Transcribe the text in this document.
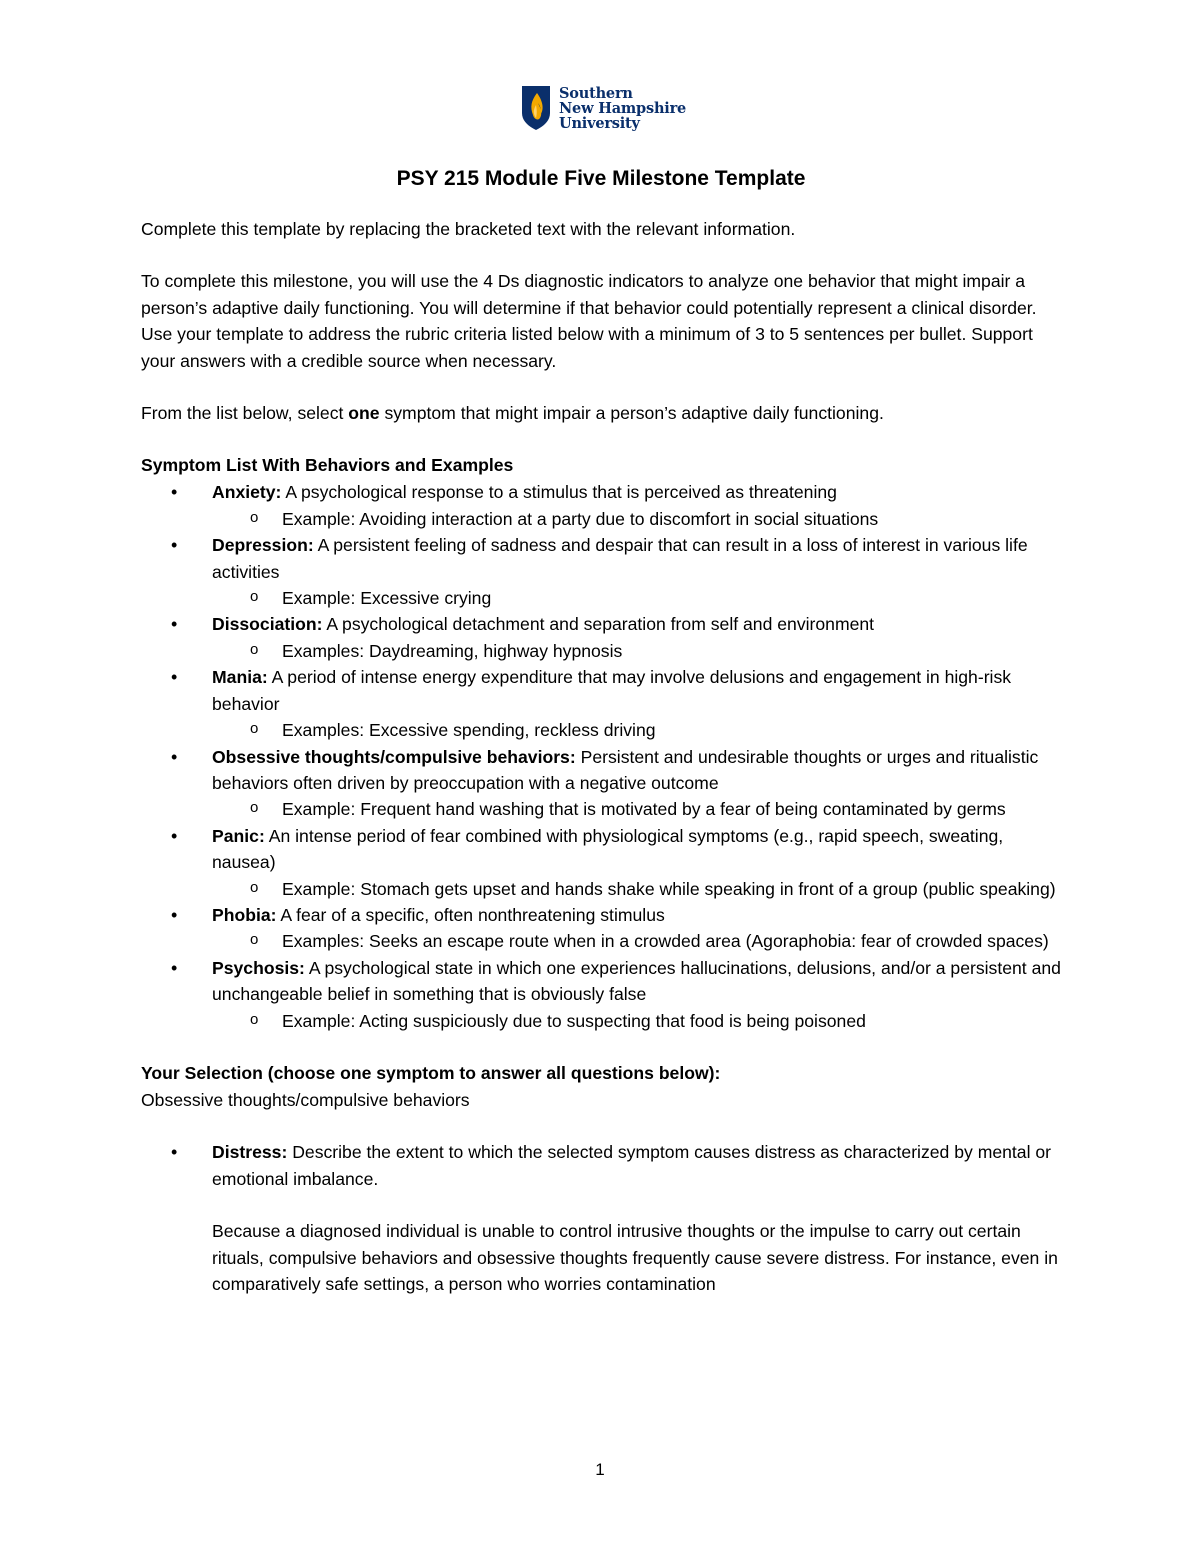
Southern
New Hampshire
University
PSY 215 Module Five Milestone Template

Complete this template by replacing the bracketed text with the relevant information.

To complete this milestone, you will use the 4 Ds diagnostic indicators to analyze one behavior that might impair a person’s adaptive daily functioning. You will determine if that behavior could potentially represent a clinical disorder. Use your template to address the rubric criteria listed below with a minimum of 3 to 5 sentences per bullet. Support your answers with a credible source when necessary.

From the list below, select one symptom that might impair a person’s adaptive daily functioning.

Symptom List With Behaviors and Examples
• Anxiety: A psychological response to a stimulus that is perceived as threatening
o Example: Avoiding interaction at a party due to discomfort in social situations
• Depression: A persistent feeling of sadness and despair that can result in a loss of interest in various life activities
o Example: Excessive crying
• Dissociation: A psychological detachment and separation from self and environment
o Examples: Daydreaming, highway hypnosis
• Mania: A period of intense energy expenditure that may involve delusions and engagement in high-risk behavior
o Examples: Excessive spending, reckless driving
• Obsessive thoughts/compulsive behaviors: Persistent and undesirable thoughts or urges and ritualistic behaviors often driven by preoccupation with a negative outcome
o Example: Frequent hand washing that is motivated by a fear of being contaminated by germs
• Panic: An intense period of fear combined with physiological symptoms (e.g., rapid speech, sweating, nausea)
o Example: Stomach gets upset and hands shake while speaking in front of a group (public speaking)
• Phobia: A fear of a specific, often nonthreatening stimulus
o Examples: Seeks an escape route when in a crowded area (Agoraphobia: fear of crowded spaces)
• Psychosis: A psychological state in which one experiences hallucinations, delusions, and/or a persistent and unchangeable belief in something that is obviously false
o Example: Acting suspiciously due to suspecting that food is being poisoned
Your Selection (choose one symptom to answer all questions below):

Obsessive thoughts/compulsive behaviors

• Distress: Describe the extent to which the selected symptom causes distress as characterized by mental or emotional imbalance.

Because a diagnosed individual is unable to control intrusive thoughts or the impulse to carry out certain rituals, compulsive behaviors and obsessive thoughts frequently cause severe distress. For instance, even in comparatively safe settings, a person who worries contamination

1
